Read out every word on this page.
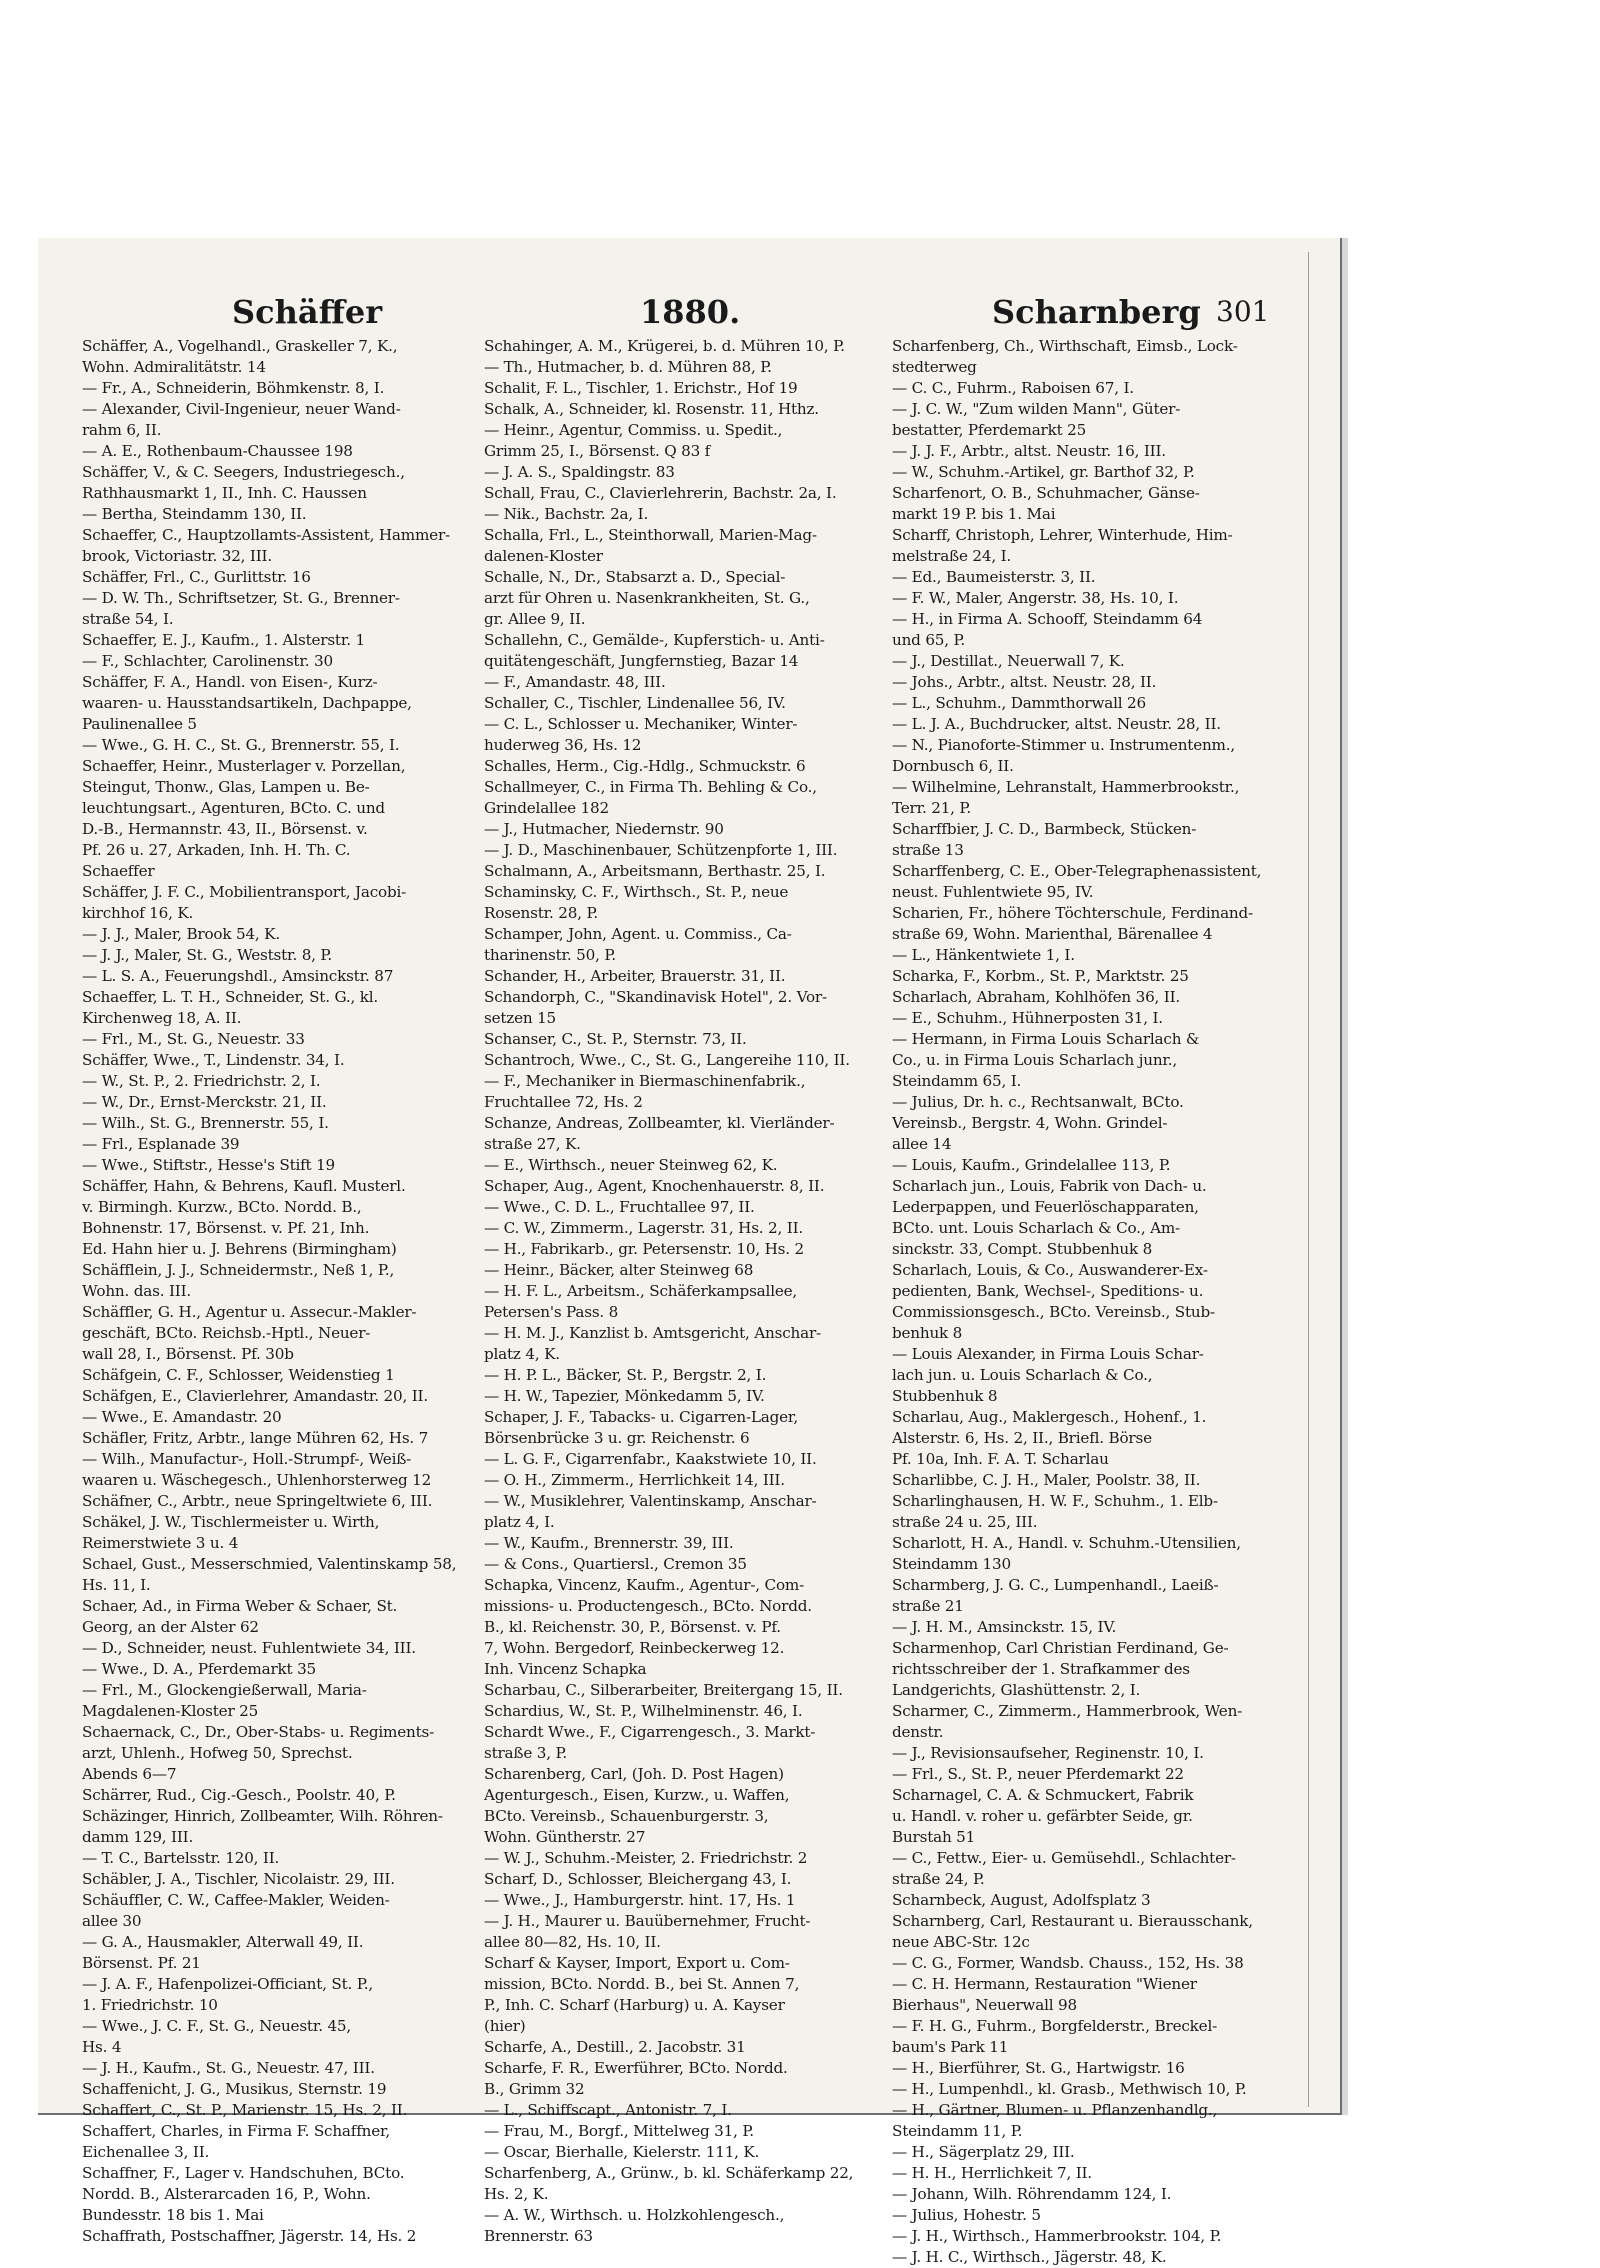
Schäffer	1880.	Scharnberg 301
Schäffer, A., Vogelhandl., Graskeller 7, K.,
Wohn. Admiralitätstr. 14
— Fr., A., Schneiderin, Böhmkenstr. 8, I.
— Alexander, Civil-Ingenieur, neuer Wand-
rahm 6, II.
— A. E., Rothenbaum-Chaussee 198
Schäffer, V., & C. Seegers, Industriegesch.,
Rathhausmarkt 1, II., Inh. C. Haussen
— Bertha, Steindamm 130, II.
Schaeffer, C., Hauptzollamts-Assistent, Hammer-
brook, Victoriastr. 32, III.
Schäffer, Frl., C., Gurlittstr. 16
— D. W. Th., Schriftsetzer, St. G., Brenner-
straße 54, I.
Schaeffer, E. J., Kaufm., 1. Alsterstr. 1
— F., Schlachter, Carolinenstr. 30
Schäffer, F. A., Handl. von Eisen-, Kurz-
waaren- u. Hausstandsartikeln, Dachpappe,
Paulinenallee 5
— Wwe., G. H. C., St. G., Brennerstr. 55, I.
Schaeffer, Heinr., Musterlager v. Porzellan,
Steingut, Thonw., Glas, Lampen u. Be-
leuchtungsart., Agenturen, BCto. C. und
D.-B., Hermannstr. 43, II., Börsenst. v.
Pf. 26 u. 27, Arkaden, Inh. H. Th. C.
Schaeffer
Schäffer, J. F. C., Mobilientransport, Jacobi-
kirchhof 16, K.
— J. J., Maler, Brook 54, K.
— J. J., Maler, St. G., Weststr. 8, P.
— L. S. A., Feuerungshdl., Amsinckstr. 87
Schaeffer, L. T. H., Schneider, St. G., kl.
Kirchenweg 18, A. II.
— Frl., M., St. G., Neuestr. 33
Schäffer, Wwe., T., Lindenstr. 34, I.
— W., St. P., 2. Friedrichstr. 2, I.
— W., Dr., Ernst-Merckstr. 21, II.
— Wilh., St. G., Brennerstr. 55, I.
— Frl., Esplanade 39
— Wwe., Stiftstr., Hesse's Stift 19
Schäffer, Hahn, & Behrens, Kaufl. Musterl.
v. Birmingh. Kurzw., BCto. Nordd. B.,
Bohnenstr. 17, Börsenst. v. Pf. 21, Inh.
Ed. Hahn hier u. J. Behrens (Birmingham)
Schäfflein, J. J., Schneidermstr., Neß 1, P.,
Wohn. das. III.
Schäffler, G. H., Agentur u. Assecur.-Makler-
geschäft, BCto. Reichsb.-Hptl., Neuer-
wall 28, I., Börsenst. Pf. 30b
Schäfgein, C. F., Schlosser, Weidenstieg 1
Schäfgen, E., Clavierlehrer, Amandastr. 20, II.
— Wwe., E. Amandastr. 20
Schäfler, Fritz, Arbtr., lange Mühren 62, Hs. 7
— Wilh., Manufactur-, Holl.-Strumpf-, Weiß-
waaren u. Wäschegesch., Uhlenhorsterweg 12
Schäfner, C., Arbtr., neue Springeltwiete 6, III.
Schäkel, J. W., Tischlermeister u. Wirth,
Reimerstwiete 3 u. 4
Schael, Gust., Messerschmied, Valentinskamp 58,
Hs. 11, I.
Schaer, Ad., in Firma Weber & Schaer, St.
Georg, an der Alster 62
— D., Schneider, neust. Fuhlentwiete 34, III.
— Wwe., D. A., Pferdemarkt 35
— Frl., M., Glockengießerwall, Maria-
Magdalenen-Kloster 25
Schaernack, C., Dr., Ober-Stabs- u. Regiments-
arzt, Uhlenh., Hofweg 50, Sprechst.
Abends 6—7
Schärrer, Rud., Cig.-Gesch., Poolstr. 40, P.
Schäzinger, Hinrich, Zollbeamter, Wilh. Röhren-
damm 129, III.
— T. C., Bartelsstr. 120, II.
Schäbler, J. A., Tischler, Nicolaistr. 29, III.
Schäuffler, C. W., Caffee-Makler, Weiden-
allee 30
— G. A., Hausmakler, Alterwall 49, II.
Börsenst. Pf. 21
— J. A. F., Hafenpolizei-Officiant, St. P.,
1. Friedrichstr. 10
— Wwe., J. C. F., St. G., Neuestr. 45,
Hs. 4
— J. H., Kaufm., St. G., Neuestr. 47, III.
Schaffenicht, J. G., Musikus, Sternstr. 19
Schaffert, C., St. P., Marienstr. 15, Hs. 2, II.
Schaffert, Charles, in Firma F. Schaffner,
Eichenallee 3, II.
Schaffner, F., Lager v. Handschuhen, BCto.
Nordd. B., Alsterarcaden 16, P., Wohn.
Bundesstr. 18 bis 1. Mai
Schaffrath, Postschaffner, Jägerstr. 14, Hs. 2
Schahinger, A. M., Krügerei, b. d. Mühren 10, P.
— Th., Hutmacher, b. d. Mühren 88, P.
Schalit, F. L., Tischler, 1. Erichstr., Hof 19
Schalk, A., Schneider, kl. Rosenstr. 11, Hthz.
— Heinr., Agentur, Commiss. u. Spedit.,
Grimm 25, I., Börsenst. Q 83 f
— J. A. S., Spaldingstr. 83
Schall, Frau, C., Clavierlehrerin, Bachstr. 2a, I.
— Nik., Bachstr. 2a, I.
Schalla, Frl., L., Steinthorwall, Marien-Mag-
dalenen-Kloster
Schalle, N., Dr., Stabsarzt a. D., Special-
arzt für Ohren u. Nasenkrankheiten, St. G.,
gr. Allee 9, II.
Schallehn, C., Gemälde-, Kupferstich- u. Anti-
quitätengeschäft, Jungfernstieg, Bazar 14
— F., Amandastr. 48, III.
Schaller, C., Tischler, Lindenallee 56, IV.
— C. L., Schlosser u. Mechaniker, Winter-
huderweg 36, Hs. 12
Schalles, Herm., Cig.-Hdlg., Schmuckstr. 6
Schallmeyer, C., in Firma Th. Behling & Co.,
Grindelallee 182
— J., Hutmacher, Niedernstr. 90
— J. D., Maschinenbauer, Schützenpforte 1, III.
Schalmann, A., Arbeitsmann, Berthastr. 25, I.
Schaminsky, C. F., Wirthsch., St. P., neue
Rosenstr. 28, P.
Schamper, John, Agent. u. Commiss., Ca-
tharinenstr. 50, P.
Schander, H., Arbeiter, Brauerstr. 31, II.
Schandorph, C., "Skandinavisk Hotel", 2. Vor-
setzen 15
Schanser, C., St. P., Sternstr. 73, II.
Schantroch, Wwe., C., St. G., Langereihe 110, II.
— F., Mechaniker in Biermaschinenfabrik.,
Fruchtallee 72, Hs. 2
Schanze, Andreas, Zollbeamter, kl. Vierländer-
straße 27, K.
— E., Wirthsch., neuer Steinweg 62, K.
Schaper, Aug., Agent, Knochenhauerstr. 8, II.
— Wwe., C. D. L., Fruchtallee 97, II.
— C. W., Zimmerm., Lagerstr. 31, Hs. 2, II.
— H., Fabrikarb., gr. Petersenstr. 10, Hs. 2
— Heinr., Bäcker, alter Steinweg 68
— H. F. L., Arbeitsm., Schäferkampsallee,
Petersen's Pass. 8
— H. M. J., Kanzlist b. Amtsgericht, Anschar-
platz 4, K.
— H. P. L., Bäcker, St. P., Bergstr. 2, I.
— H. W., Tapezier, Mönkedamm 5, IV.
Schaper, J. F., Tabacks- u. Cigarren-Lager,
Börsenbrücke 3 u. gr. Reichenstr. 6
— L. G. F., Cigarrenfabr., Kaakstwiete 10, II.
— O. H., Zimmerm., Herrlichkeit 14, III.
— W., Musiklehrer, Valentinskamp, Anschar-
platz 4, I.
— W., Kaufm., Brennerstr. 39, III.
— & Cons., Quartiersl., Cremon 35
Schapka, Vincenz, Kaufm., Agentur-, Com-
missions- u. Productengesch., BCto. Nordd.
B., kl. Reichenstr. 30, P., Börsenst. v. Pf.
7, Wohn. Bergedorf, Reinbeckerweg 12.
Inh. Vincenz Schapka
Scharbau, C., Silberarbeiter, Breitergang 15, II.
Schardius, W., St. P., Wilhelminenstr. 46, I.
Schardt Wwe., F., Cigarrengesch., 3. Markt-
straße 3, P.
Scharenberg, Carl, (Joh. D. Post Hagen)
Agenturgesch., Eisen, Kurzw., u. Waffen,
BCto. Vereinsb., Schauenburgerstr. 3,
Wohn. Güntherstr. 27
— W. J., Schuhm.-Meister, 2. Friedrichstr. 2
Scharf, D., Schlosser, Bleichergang 43, I.
— Wwe., J., Hamburgerstr. hint. 17, Hs. 1
— J. H., Maurer u. Bauübernehmer, Frucht-
allee 80—82, Hs. 10, II.
Scharf & Kayser, Import, Export u. Com-
mission, BCto. Nordd. B., bei St. Annen 7,
P., Inh. C. Scharf (Harburg) u. A. Kayser
(hier)
Scharfe, A., Destill., 2. Jacobstr. 31
Scharfe, F. R., Ewerführer, BCto. Nordd.
B., Grimm 32
— L., Schiffscapt., Antonistr. 7, I.
— Frau, M., Borgf., Mittelweg 31, P.
— Oscar, Bierhalle, Kielerstr. 111, K.
Scharfenberg, A., Grünw., b. kl. Schäferkamp 22,
Hs. 2, K.
— A. W., Wirthsch. u. Holzkohlengesch.,
Brennerstr. 63
Scharfenberg, Ch., Wirthschaft, Eimsb., Lock-
stedterweg
— C. C., Fuhrm., Raboisen 67, I.
— J. C. W., "Zum wilden Mann", Güter-
bestatter, Pferdemarkt 25
— J. J. F., Arbtr., altst. Neustr. 16, III.
— W., Schuhm.-Artikel, gr. Barthof 32, P.
Scharfenort, O. B., Schuhmacher, Gänse-
markt 19 P. bis 1. Mai
Scharff, Christoph, Lehrer, Winterhude, Him-
melstraße 24, I.
— Ed., Baumeisterstr. 3, II.
— F. W., Maler, Angerstr. 38, Hs. 10, I.
— H., in Firma A. Schooff, Steindamm 64
und 65, P.
— J., Destillat., Neuerwall 7, K.
— Johs., Arbtr., altst. Neustr. 28, II.
— L., Schuhm., Dammthorwall 26
— L. J. A., Buchdrucker, altst. Neustr. 28, II.
— N., Pianoforte-Stimmer u. Instrumentenm.,
Dornbusch 6, II.
— Wilhelmine, Lehranstalt, Hammerbrookstr.,
Terr. 21, P.
Scharffbier, J. C. D., Barmbeck, Stücken-
straße 13
Scharffenberg, C. E., Ober-Telegraphenassistent,
neust. Fuhlentwiete 95, IV.
Scharien, Fr., höhere Töchterschule, Ferdinand-
straße 69, Wohn. Marienthal, Bärenallee 4
— L., Hänkentwiete 1, I.
Scharka, F., Korbm., St. P., Marktstr. 25
Scharlach, Abraham, Kohlhöfen 36, II.
— E., Schuhm., Hühnerposten 31, I.
— Hermann, in Firma Louis Scharlach &
Co., u. in Firma Louis Scharlach junr.,
Steindamm 65, I.
— Julius, Dr. h. c., Rechtsanwalt, BCto.
Vereinsb., Bergstr. 4, Wohn. Grindel-
allee 14
— Louis, Kaufm., Grindelallee 113, P.
Scharlach jun., Louis, Fabrik von Dach- u.
Lederpappen, und Feuerlöschapparaten,
BCto. unt. Louis Scharlach & Co., Am-
sinckstr. 33, Compt. Stubbenhuk 8
Scharlach, Louis, & Co., Auswanderer-Ex-
pedienten, Bank, Wechsel-, Speditions- u.
Commissionsgesch., BCto. Vereinsb., Stub-
benhuk 8
— Louis Alexander, in Firma Louis Schar-
lach jun. u. Louis Scharlach & Co.,
Stubbenhuk 8
Scharlau, Aug., Maklergesch., Hohenf., 1.
Alsterstr. 6, Hs. 2, II., Briefl. Börse
Pf. 10a, Inh. F. A. T. Scharlau
Scharlibbe, C. J. H., Maler, Poolstr. 38, II.
Scharlinghausen, H. W. F., Schuhm., 1. Elb-
straße 24 u. 25, III.
Scharlott, H. A., Handl. v. Schuhm.-Utensilien,
Steindamm 130
Scharmberg, J. G. C., Lumpenhandl., Laeiß-
straße 21
— J. H. M., Amsinckstr. 15, IV.
Scharmenhop, Carl Christian Ferdinand, Ge-
richtsschreiber der 1. Strafkammer des
Landgerichts, Glashüttenstr. 2, I.
Scharmer, C., Zimmerm., Hammerbrook, Wen-
denstr.
— J., Revisionsaufseher, Reginenstr. 10, I.
— Frl., S., St. P., neuer Pferdemarkt 22
Scharnagel, C. A. & Schmuckert, Fabrik
u. Handl. v. roher u. gefärbter Seide, gr.
Burstah 51
— C., Fettw., Eier- u. Gemüsehdl., Schlachter-
straße 24, P.
Scharnbeck, August, Adolfsplatz 3
Scharnberg, Carl, Restaurant u. Bierausschank,
neue ABC-Str. 12c
— C. G., Former, Wandsb. Chauss., 152, Hs. 38
— C. H. Hermann, Restauration "Wiener
Bierhaus", Neuerwall 98
— F. H. G., Fuhrm., Borgfelderstr., Breckel-
baum's Park 11
— H., Bierführer, St. G., Hartwigstr. 16
— H., Lumpenhdl., kl. Grasb., Methwisch 10, P.
— H., Gärtner, Blumen- u. Pflanzenhandlg.,
Steindamm 11, P.
— H., Sägerplatz 29, III.
— H. H., Herrlichkeit 7, II.
— Johann, Wilh. Röhrendamm 124, I.
— Julius, Hohestr. 5
— J. H., Wirthsch., Hammerbrookstr. 104, P.
— J. H. C., Wirthsch., Jägerstr. 48, K.
